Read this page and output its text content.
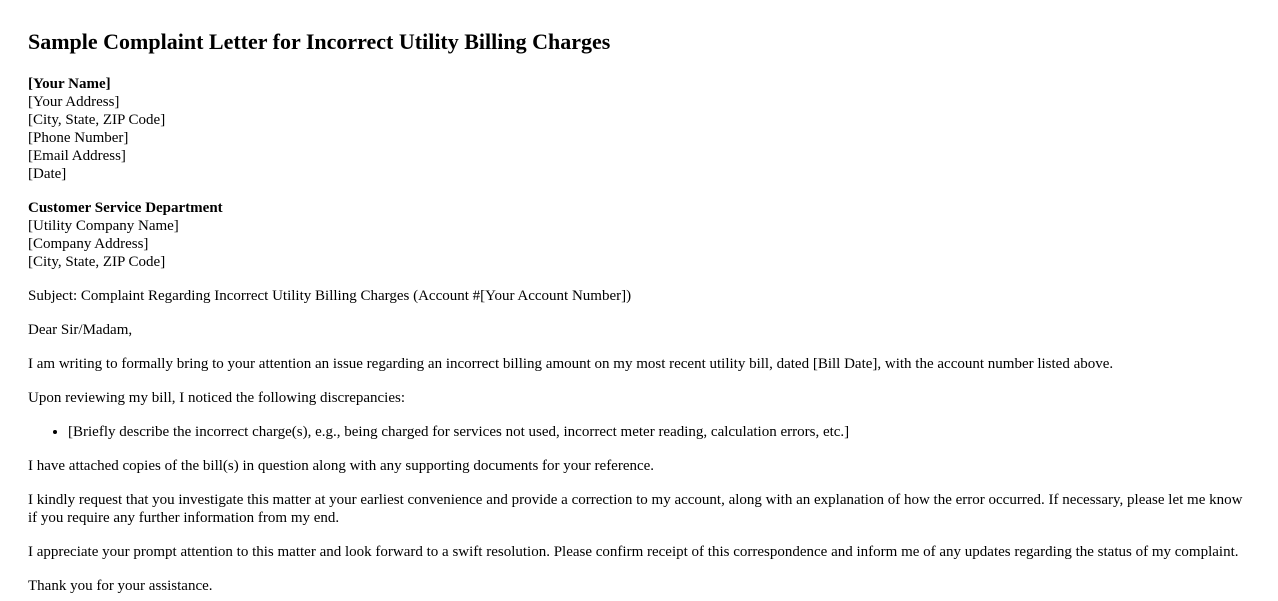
Sample Complaint Letter for Incorrect Utility Billing Charges
[Your Name]
[Your Address]
[City, State, ZIP Code]
[Phone Number]
[Email Address]
[Date]
Customer Service Department
[Utility Company Name]
[Company Address]
[City, State, ZIP Code]

Subject: Complaint Regarding Incorrect Utility Billing Charges (Account #[Your Account Number])

Dear Sir/Madam,

I am writing to formally bring to your attention an issue regarding an incorrect billing amount on my most recent utility bill, dated [Bill Date], with the account number listed above.

Upon reviewing my bill, I noticed the following discrepancies:

• [Briefly describe the incorrect charge(s), e.g., being charged for services not used, incorrect meter reading, calculation errors, etc.]

I have attached copies of the bill(s) in question along with any supporting documents for your reference.

I kindly request that you investigate this matter at your earliest convenience and provide a correction to my account, along with an explanation of how the error occurred. If necessary, please let me know if you require any further information from my end.

I appreciate your prompt attention to this matter and look forward to a swift resolution. Please confirm receipt of this correspondence and inform me of any updates regarding the status of my complaint.

Thank you for your assistance.
